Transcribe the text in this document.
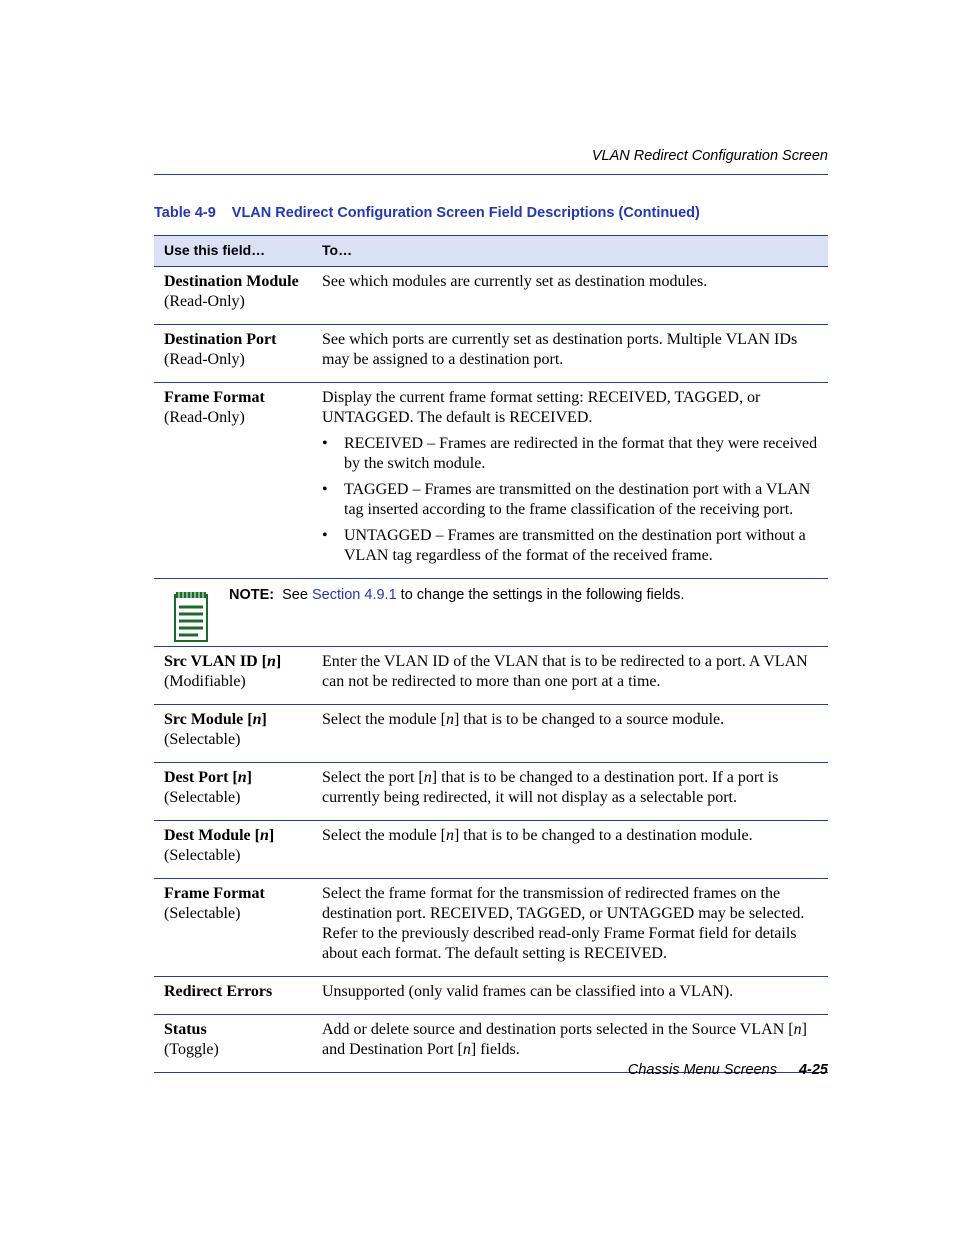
VLAN Redirect Configuration Screen
Table 4-9 VLAN Redirect Configuration Screen Field Descriptions (Continued)
Use this field…	To…
Destination Module
(Read-Only)

See which modules are currently set as destination modules.

Destination Port
(Read-Only)

See which ports are currently set as destination ports. Multiple VLAN IDs may be assigned to a destination port.

Frame Format
(Read-Only)

Display the current frame format setting: RECEIVED, TAGGED, or UNTAGGED. The default is RECEIVED.

• RECEIVED – Frames are redirected in the format that they were received by the switch module.
• TAGGED – Frames are transmitted on the destination port with a VLAN tag inserted according to the frame classification of the receiving port.
• UNTAGGED – Frames are transmitted on the destination port without a VLAN tag regardless of the format of the received frame.
NOTE: See Section 4.9.1 to change the settings in the following fields.
Src VLAN ID [n]
(Modifiable)

Enter the VLAN ID of the VLAN that is to be redirected to a port. A VLAN can not be redirected to more than one port at a time.

Src Module [n]
(Selectable)

Select the module [n] that is to be changed to a source module.

Dest Port [n]
(Selectable)

Select the port [n] that is to be changed to a destination port. If a port is currently being redirected, it will not display as a selectable port.

Dest Module [n]
(Selectable)

Select the module [n] that is to be changed to a destination module.

Frame Format
(Selectable)

Select the frame format for the transmission of redirected frames on the destination port. RECEIVED, TAGGED, or UNTAGGED may be selected. Refer to the previously described read-only Frame Format field for details about each format. The default setting is RECEIVED.

Redirect Errors	Unsupported (only valid frames can be classified into a VLAN).

Status
(Toggle)

Add or delete source and destination ports selected in the Source VLAN [n] and Destination Port [n] fields.

Chassis Menu Screens 4-25
